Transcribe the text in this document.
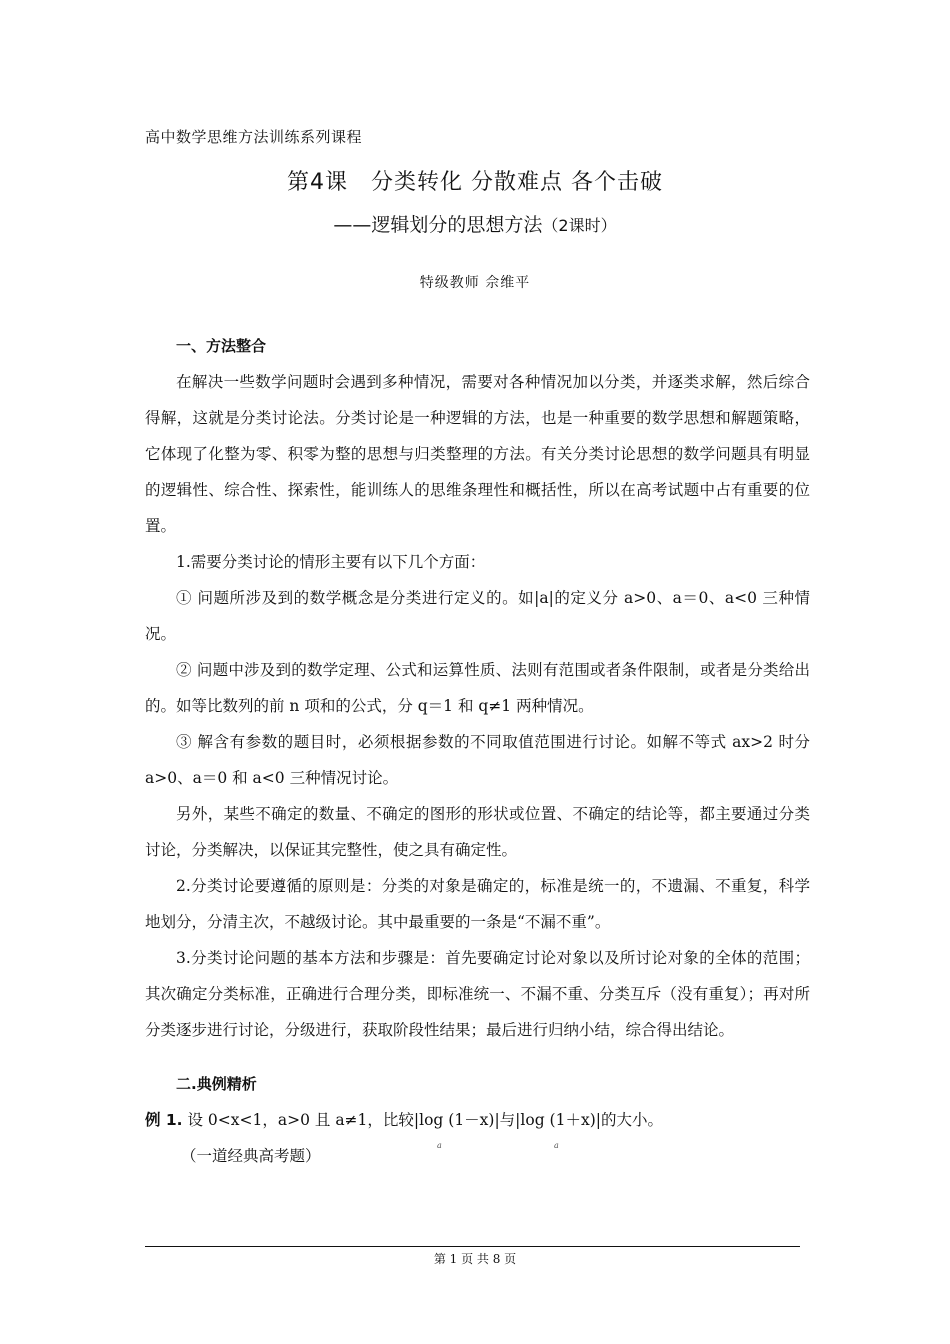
高中数学思维方法训练系列课程
第4课　分类转化 分散难点 各个击破
——逻辑划分的思想方法（2课时）
特级教师 佘维平

一、方法整合

在解决一些数学问题时会遇到多种情况，需要对各种情况加以分类，并逐类求解，然后综合得解，这就是分类讨论法。分类讨论是一种逻辑的方法，也是一种重要的数学思想和解题策略，它体现了化整为零、积零为整的思想与归类整理的方法。有关分类讨论思想的数学问题具有明显的逻辑性、综合性、探索性，能训练人的思维条理性和概括性，所以在高考试题中占有重要的位置。

1.需要分类讨论的情形主要有以下几个方面：

① 问题所涉及到的数学概念是分类进行定义的。如|a|的定义分 a>0、a＝0、a<0 三种情况。

② 问题中涉及到的数学定理、公式和运算性质、法则有范围或者条件限制，或者是分类给出的。如等比数列的前 n 项和的公式，分 q＝1 和 q≠1 两种情况。

③ 解含有参数的题目时，必须根据参数的不同取值范围进行讨论。如解不等式 ax>2 时分 a>0、a＝0 和 a<0 三种情况讨论。

另外，某些不确定的数量、不确定的图形的形状或位置、不确定的结论等，都主要通过分类讨论，分类解决，以保证其完整性，使之具有确定性。

2.分类讨论要遵循的原则是：分类的对象是确定的，标准是统一的，不遗漏、不重复，科学地划分，分清主次，不越级讨论。其中最重要的一条是“不漏不重”。

3.分类讨论问题的基本方法和步骤是：首先要确定讨论对象以及所讨论对象的全体的范围；其次确定分类标准，正确进行合理分类，即标准统一、不漏不重、分类互斥（没有重复）；再对所分类逐步进行讨论，分级进行，获取阶段性结果；最后进行归纳小结，综合得出结论。

二.典例精析

例 1. 设 0<x<1，a>0 且 a≠1，比较|log (1－x)|与|log (1＋x)|的大小。
a	a

（一道经典高考题）

第 1 页 共 8 页
